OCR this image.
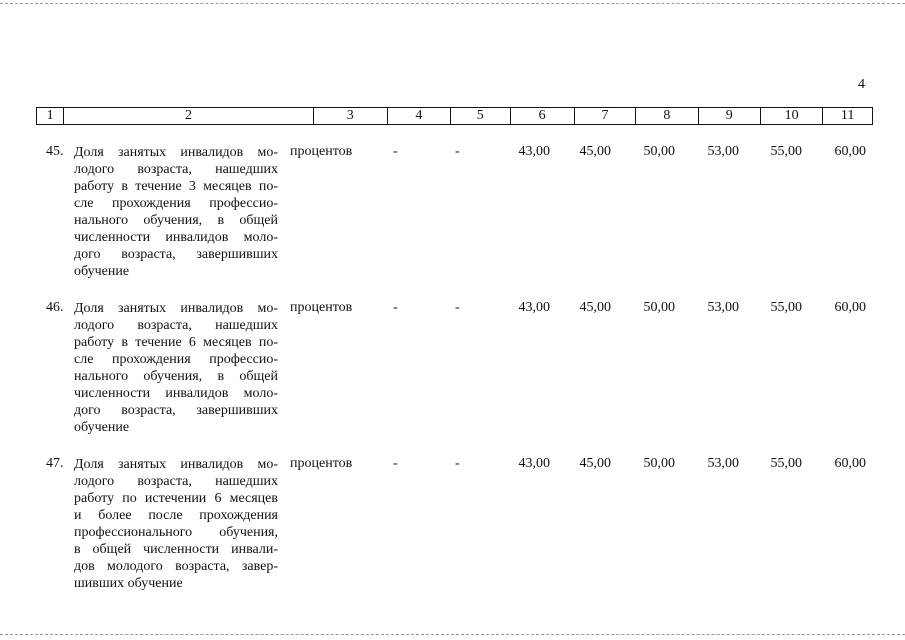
4
1	2	3	4	5	6	7	8	9	10	11
45. Доля занятых инвалидов мо-
лодого возраста, нашедших
работу в течение 3 месяцев по-
сле прохождения профессио-
нального обучения, в общей
численности инвалидов моло-
дого возраста, завершивших
обучение
процентов	-	-	43,00	45,00	50,00	53,00	55,00	60,00
46. Доля занятых инвалидов мо-
лодого возраста, нашедших
работу в течение 6 месяцев по-
сле прохождения профессио-
нального обучения, в общей
численности инвалидов моло-
дого возраста, завершивших
обучение
процентов	-	-	43,00	45,00	50,00	53,00	55,00	60,00
47. Доля занятых инвалидов мо-
лодого возраста, нашедших
работу по истечении 6 месяцев
и более после прохождения
профессионального обучения,
в общей численности инвали-
дов молодого возраста, завер-
шивших обучение
процентов	-	-	43,00	45,00	50,00	53,00	55,00	60,00
